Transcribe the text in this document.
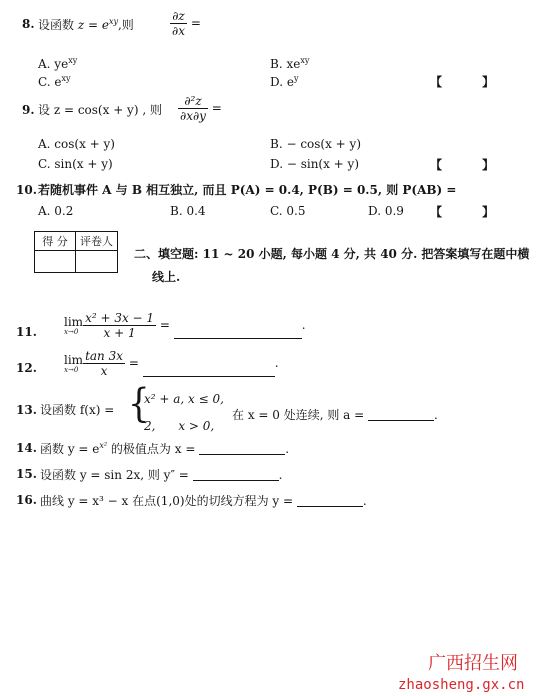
8. 设函数 $z = e^{xy}$,则	$\frac{\partial z}{\partial x}$ =
A. $ye^{xy}$	B. $xe^{xy}$
C. $e^{xy}$	D. $e^y$	【 】
9. 设 z = cos(x + y) , 则 $\frac{\text{∂²z}}{\partial x\partial y}$ =
A. cos(x + y)	B. − cos(x + y)
C. sin(x + y)	D. − sin(x + y)	【 】
10. 若随机事件 A 与 B 相互独立, 而且 P(A) = 0.4, P(B) = 0.5, 则 P(AB) =
A. 0.2	B. 0.4	C. 0.5	D. 0.9 【 】
得 分	评卷人

二、填空题: 11 ~ 20 小题, 每小题 4 分, 共 40 分. 把答案填写在题中横
线上.
11.
lim
$x\to 0 \frac{\text{x² + 3x − 1}}{x + 1}$ =	.
12.
lim
$x\to 0 \frac{\tan 3x}{x}$ =	.
13. 设函数 f(x) = {
x² + a, x ≤ 0,
2,      x > 0,
在 x = 0 处连续, 则 a =	.
14. 函数 $y = e^{x^2}$ 的极值点为 x =	.
15. 设函数 y = sin 2x, 则 y″ =	.
16. 曲线 y = x³ − x 在点(1,0)处的切线方程为 y =	.
广西招生网
zhaosheng.gx.cn
